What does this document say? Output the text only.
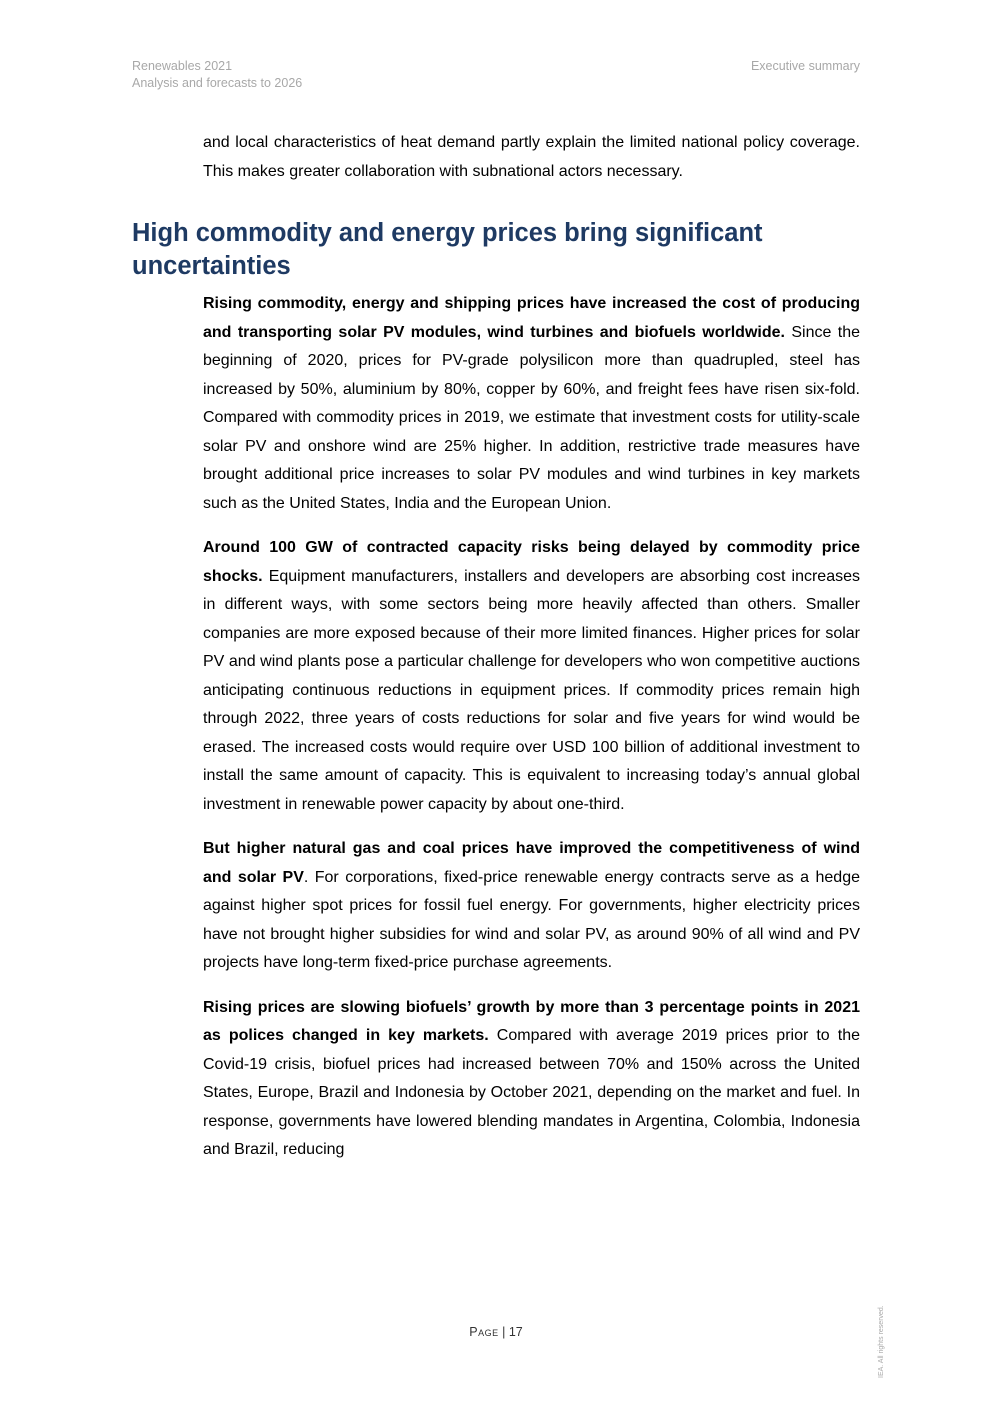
Renewables 2021
Analysis and forecasts to 2026
Executive summary

and local characteristics of heat demand partly explain the limited national policy coverage. This makes greater collaboration with subnational actors necessary.

High commodity and energy prices bring significant uncertainties

Rising commodity, energy and shipping prices have increased the cost of producing and transporting solar PV modules, wind turbines and biofuels worldwide. Since the beginning of 2020, prices for PV-grade polysilicon more than quadrupled, steel has increased by 50%, aluminium by 80%, copper by 60%, and freight fees have risen six-fold. Compared with commodity prices in 2019, we estimate that investment costs for utility-scale solar PV and onshore wind are 25% higher. In addition, restrictive trade measures have brought additional price increases to solar PV modules and wind turbines in key markets such as the United States, India and the European Union.

Around 100 GW of contracted capacity risks being delayed by commodity price shocks. Equipment manufacturers, installers and developers are absorbing cost increases in different ways, with some sectors being more heavily affected than others. Smaller companies are more exposed because of their more limited finances. Higher prices for solar PV and wind plants pose a particular challenge for developers who won competitive auctions anticipating continuous reductions in equipment prices. If commodity prices remain high through 2022, three years of costs reductions for solar and five years for wind would be erased. The increased costs would require over USD 100 billion of additional investment to install the same amount of capacity. This is equivalent to increasing today’s annual global investment in renewable power capacity by about one-third.

But higher natural gas and coal prices have improved the competitiveness of wind and solar PV. For corporations, fixed-price renewable energy contracts serve as a hedge against higher spot prices for fossil fuel energy. For governments, higher electricity prices have not brought higher subsidies for wind and solar PV, as around 90% of all wind and PV projects have long-term fixed-price purchase agreements.

Rising prices are slowing biofuels’ growth by more than 3 percentage points in 2021 as polices changed in key markets. Compared with average 2019 prices prior to the Covid-19 crisis, biofuel prices had increased between 70% and 150% across the United States, Europe, Brazil and Indonesia by October 2021, depending on the market and fuel. In response, governments have lowered blending mandates in Argentina, Colombia, Indonesia and Brazil, reducing

Page | 17	IEA. All rights reserved.
